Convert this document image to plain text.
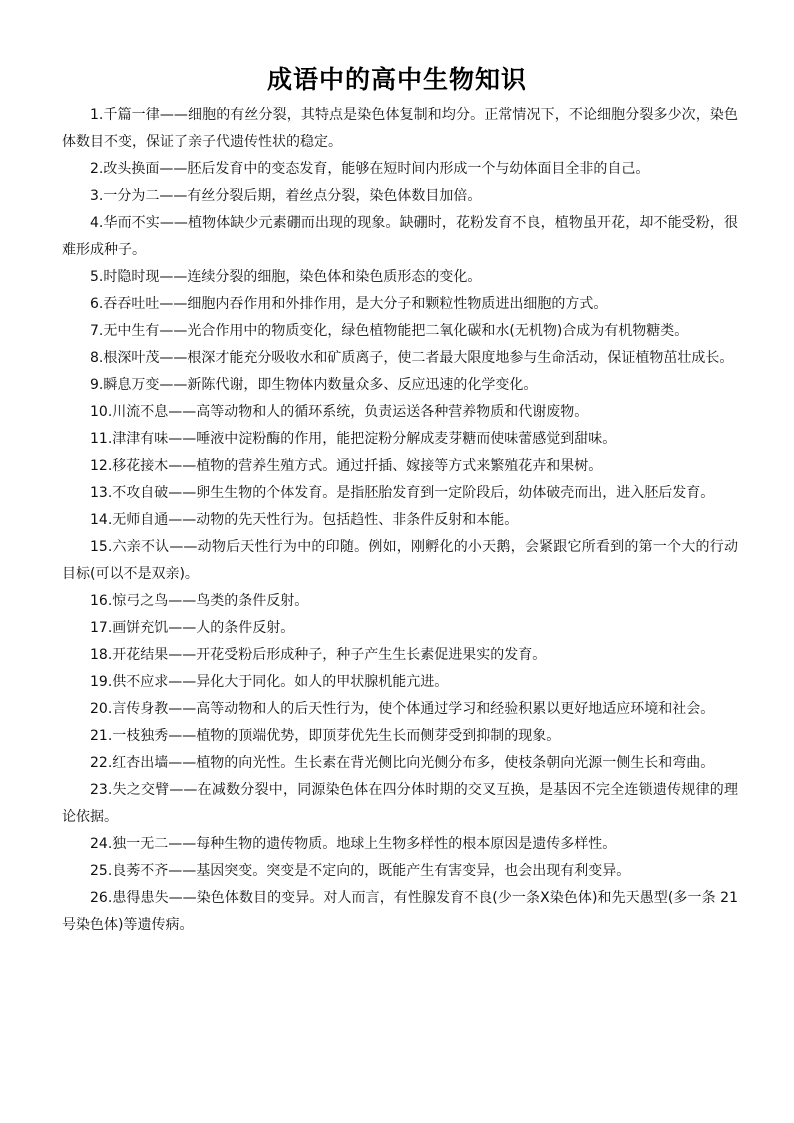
成语中的高中生物知识

1.千篇一律——细胞的有丝分裂，其特点是染色体复制和均分。正常情况下，不论细胞分裂多少次，染色体数目不变，保证了亲子代遗传性状的稳定。

2.改头换面——胚后发育中的变态发育，能够在短时间内形成一个与幼体面目全非的自己。

3.一分为二——有丝分裂后期，着丝点分裂，染色体数目加倍。

4.华而不实——植物体缺少元素硼而出现的现象。缺硼时，花粉发育不良，植物虽开花，却不能受粉，很难形成种子。

5.时隐时现——连续分裂的细胞，染色体和染色质形态的变化。

6.吞吞吐吐——细胞内吞作用和外排作用，是大分子和颗粒性物质进出细胞的方式。

7.无中生有——光合作用中的物质变化，绿色植物能把二氧化碳和水(无机物)合成为有机物糖类。

8.根深叶茂——根深才能充分吸收水和矿质离子，使二者最大限度地参与生命活动，保证植物茁壮成长。

9.瞬息万变——新陈代谢，即生物体内数量众多、反应迅速的化学变化。

10.川流不息——高等动物和人的循环系统，负责运送各种营养物质和代谢废物。

11.津津有味——唾液中淀粉酶的作用，能把淀粉分解成麦芽糖而使味蕾感觉到甜味。

12.移花接木——植物的营养生殖方式。通过扦插、嫁接等方式来繁殖花卉和果树。

13.不攻自破——卵生生物的个体发育。是指胚胎发育到一定阶段后，幼体破壳而出，进入胚后发育。

14.无师自通——动物的先天性行为。包括趋性、非条件反射和本能。

15.六亲不认——动物后天性行为中的印随。例如，刚孵化的小天鹅，会紧跟它所看到的第一个大的行动目标(可以不是双亲)。

16.惊弓之鸟——鸟类的条件反射。

17.画饼充饥——人的条件反射。

18.开花结果——开花受粉后形成种子，种子产生生长素促进果实的发育。

19.供不应求——异化大于同化。如人的甲状腺机能亢进。

20.言传身教——高等动物和人的后天性行为，使个体通过学习和经验积累以更好地适应环境和社会。

21.一枝独秀——植物的顶端优势，即顶芽优先生长而侧芽受到抑制的现象。

22.红杏出墙——植物的向光性。生长素在背光侧比向光侧分布多，使枝条朝向光源一侧生长和弯曲。

23.失之交臂——在减数分裂中，同源染色体在四分体时期的交叉互换，是基因不完全连锁遗传规律的理论依据。

24.独一无二——每种生物的遗传物质。地球上生物多样性的根本原因是遗传多样性。

25.良莠不齐——基因突变。突变是不定向的，既能产生有害变异，也会出现有利变异。

26.患得患失——染色体数目的变异。对人而言，有性腺发育不良(少一条X染色体)和先天愚型(多一条 21 号染色体)等遗传病。
